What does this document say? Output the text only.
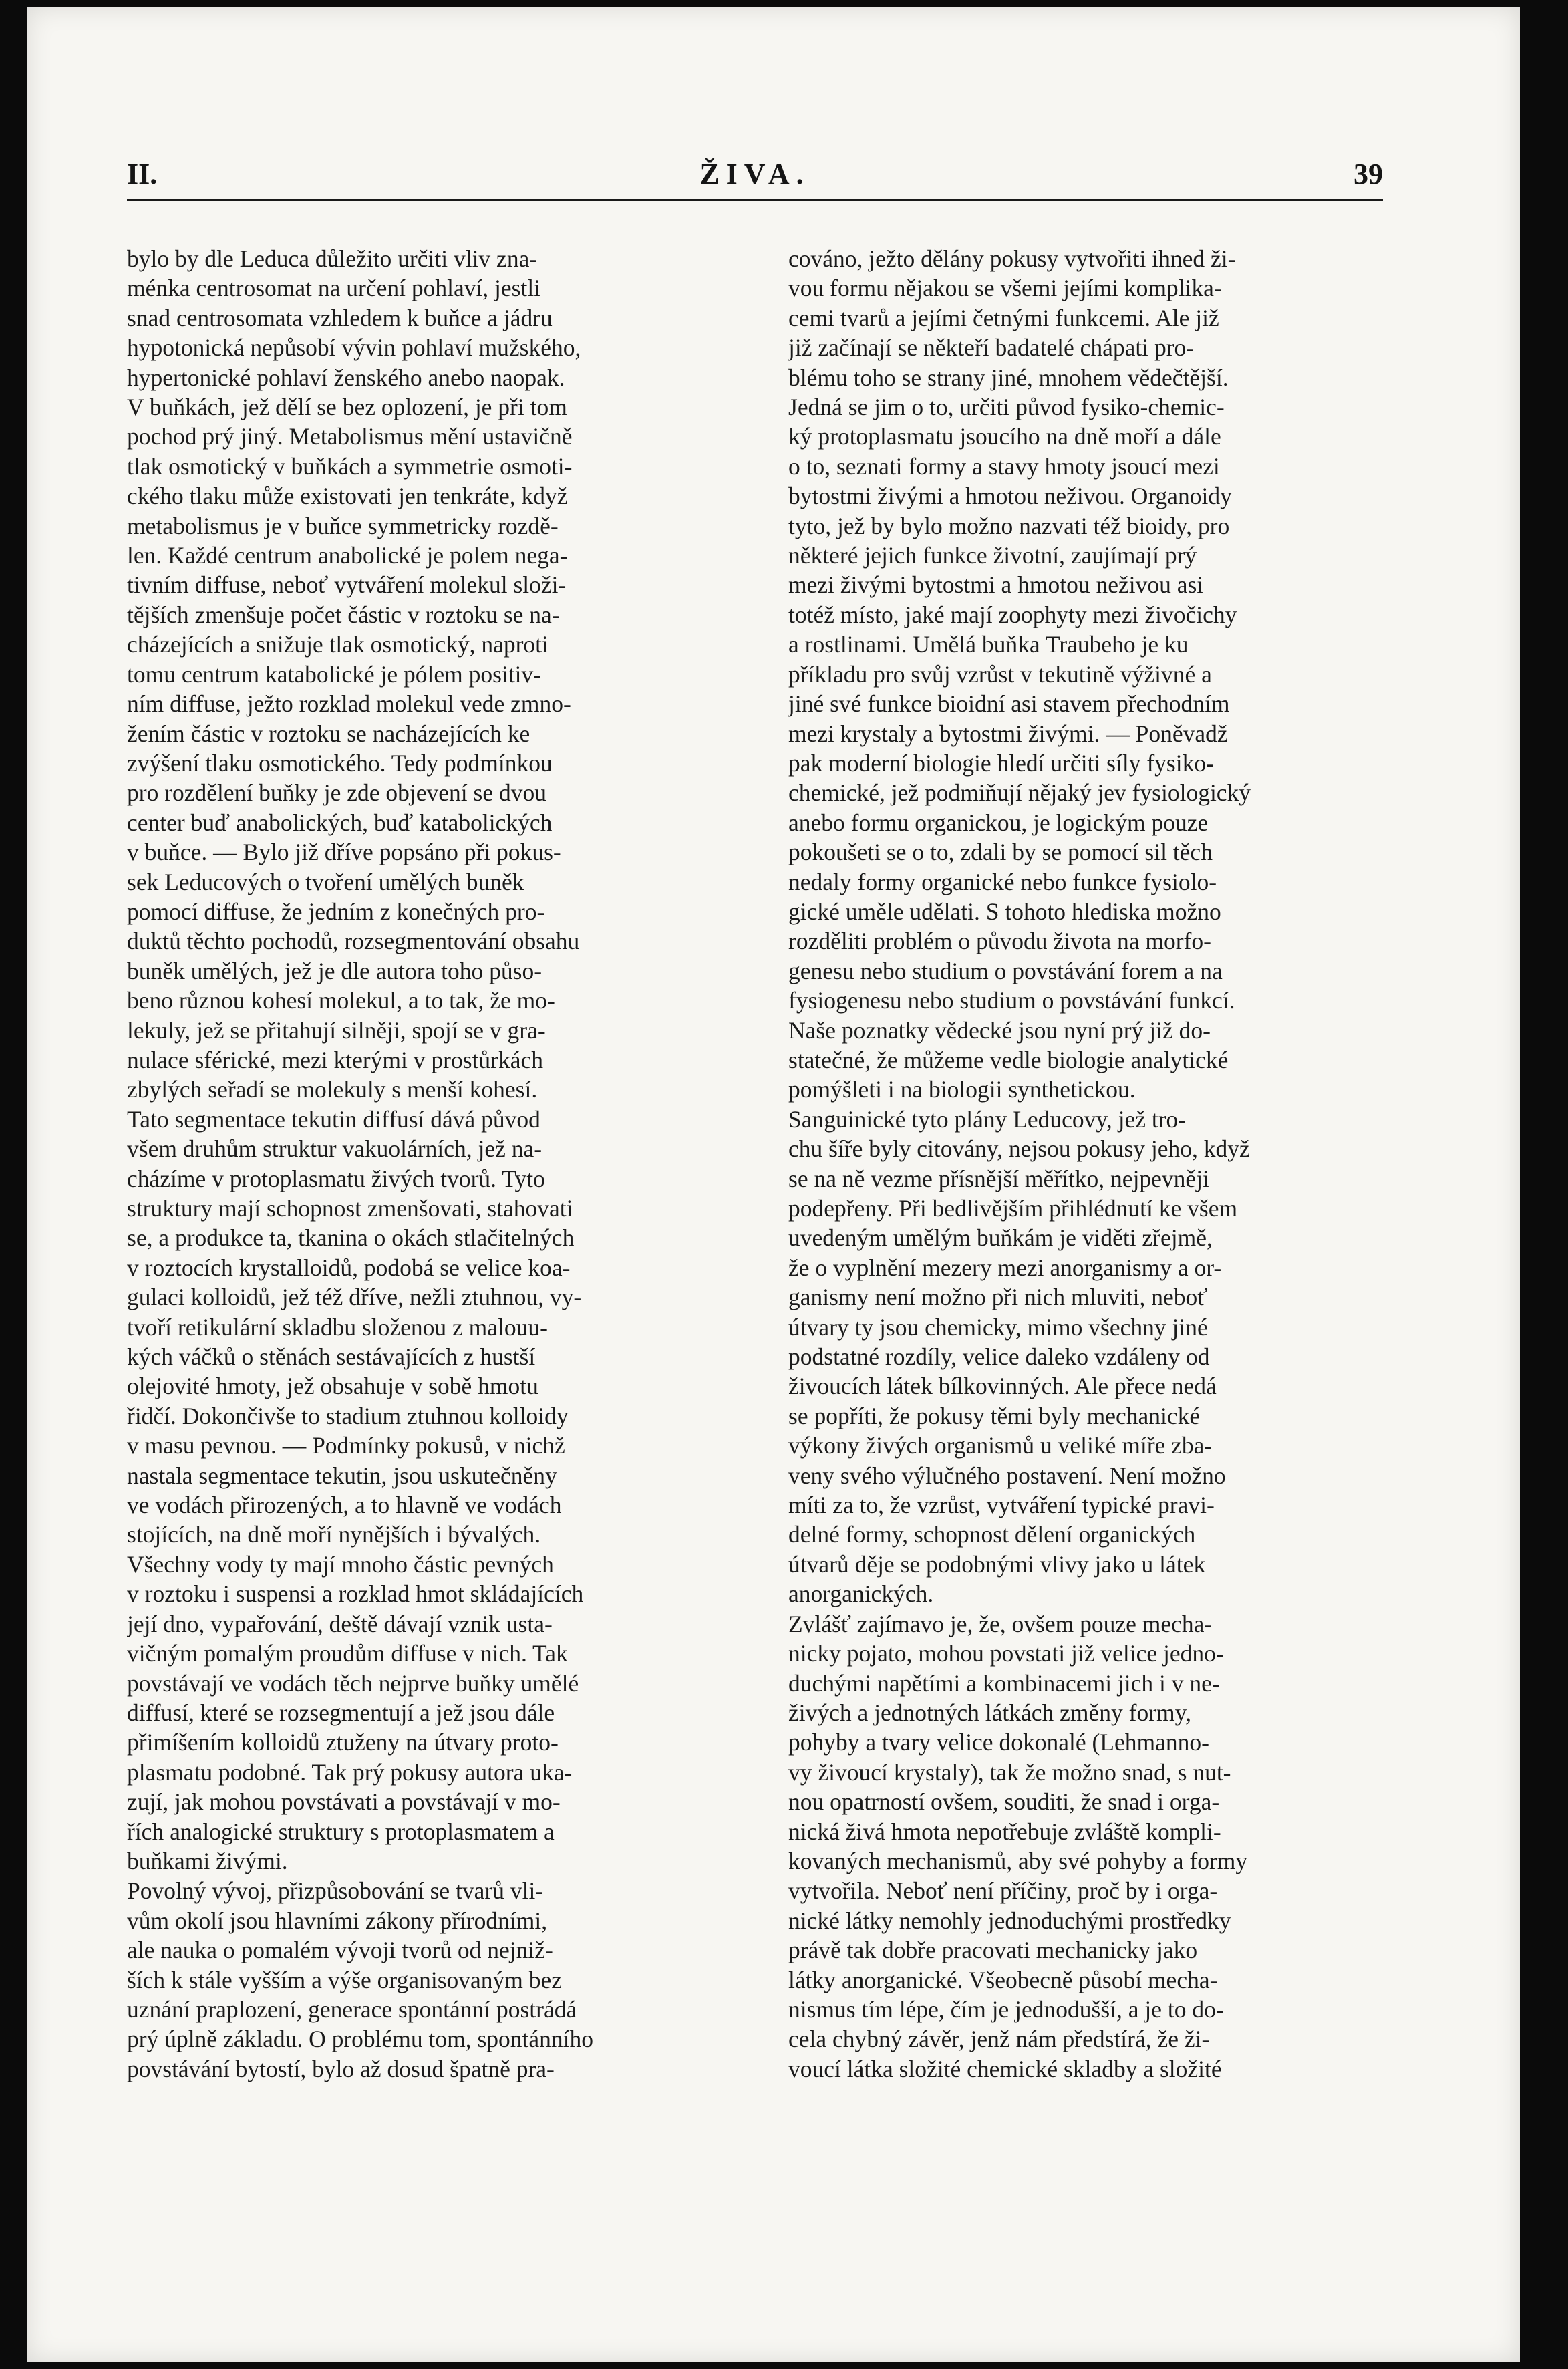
II.	ŽIVA.	39

bylo by dle Leduca důležito určiti vliv zna-
ménka centrosomat na určení pohlaví, jestli
snad centrosomata vzhledem k buňce a jádru
hypotonická nepůsobí vývin pohlaví mužského,
hypertonické pohlaví ženského anebo naopak.
V buňkách, jež dělí se bez oplození, je při tom
pochod prý jiný. Metabolismus mění ustavičně
tlak osmotický v buňkách a symmetrie osmoti-
ckého tlaku může existovati jen tenkráte, když
metabolismus je v buňce symmetricky rozdě-
len. Každé centrum anabolické je polem nega-
tivním diffuse, neboť vytváření molekul složi-
tějších zmenšuje počet částic v roztoku se na-
cházejících a snižuje tlak osmotický, naproti
tomu centrum katabolické je pólem positiv-
ním diffuse, ježto rozklad molekul vede zmno-
žením částic v roztoku se nacházejících ke
zvýšení tlaku osmotického. Tedy podmínkou
pro rozdělení buňky je zde objevení se dvou
center buď anabolických, buď katabolických
v buňce. — Bylo již dříve popsáno při pokus-
sek Leducových o tvoření umělých buněk
pomocí diffuse, že jedním z konečných pro-
duktů těchto pochodů, rozsegmentování obsahu
buněk umělých, jež je dle autora toho půso-
beno různou kohesí molekul, a to tak, že mo-
lekuly, jež se přitahují silněji, spojí se v gra-
nulace sférické, mezi kterými v prostůrkách
zbylých seřadí se molekuly s menší kohesí.
Tato segmentace tekutin diffusí dává původ
všem druhům struktur vakuolárních, jež na-
cházíme v protoplasmatu živých tvorů. Tyto
struktury mají schopnost zmenšovati, stahovati
se, a produkce ta, tkanina o okách stlačitelných
v roztocích krystalloidů, podobá se velice koa-
gulaci kolloidů, jež též dříve, nežli ztuhnou, vy-
tvoří retikulární skladbu složenou z malouu-
kých váčků o stěnách sestávajících z hustší
olejovité hmoty, jež obsahuje v sobě hmotu
řidčí. Dokončivše to stadium ztuhnou kolloidy
v masu pevnou. — Podmínky pokusů, v nichž
nastala segmentace tekutin, jsou uskutečněny
ve vodách přirozených, a to hlavně ve vodách
stojících, na dně moří nynějších i bývalých.
Všechny vody ty mají mnoho částic pevných
v roztoku i suspensi a rozklad hmot skládajících
její dno, vypařování, deště dávají vznik usta-
vičným pomalým proudům diffuse v nich. Tak
povstávají ve vodách těch nejprve buňky umělé
diffusí, které se rozsegmentují a jež jsou dále
přimíšením kolloidů ztuženy na útvary proto-
plasmatu podobné. Tak prý pokusy autora uka-
zují, jak mohou povstávati a povstávají v mo-
řích analogické struktury s protoplasmatem a
buňkami živými.
Povolný vývoj, přizpůsobování se tvarů vli-
vům okolí jsou hlavními zákony přírodními,
ale nauka o pomalém vývoji tvorů od nejniž-
ších k stále vyšším a výše organisovaným bez
uznání praplození, generace spontánní postrádá
prý úplně základu. O problému tom, spontánního
povstávání bytostí, bylo až dosud špatně pra-

cováno, ježto dělány pokusy vytvořiti ihned ži-
vou formu nějakou se všemi jejími komplika-
cemi tvarů a jejími četnými funkcemi. Ale již
již začínají se někteří badatelé chápati pro-
blému toho se strany jiné, mnohem vědečtější.
Jedná se jim o to, určiti původ fysiko-chemic-
ký protoplasmatu jsoucího na dně moří a dále
o to, seznati formy a stavy hmoty jsoucí mezi
bytostmi živými a hmotou neživou. Organoidy
tyto, jež by bylo možno nazvati též bioidy, pro
některé jejich funkce životní, zaujímají prý
mezi živými bytostmi a hmotou neživou asi
totéž místo, jaké mají zoophyty mezi živočichy
a rostlinami. Umělá buňka Traubeho je ku
příkladu pro svůj vzrůst v tekutině výživné a
jiné své funkce bioidní asi stavem přechodním
mezi krystaly a bytostmi živými. — Poněvadž
pak moderní biologie hledí určiti síly fysiko-
chemické, jež podmiňují nějaký jev fysiologický
anebo formu organickou, je logickým pouze
pokoušeti se o to, zdali by se pomocí sil těch
nedaly formy organické nebo funkce fysiolo-
gické uměle udělati. S tohoto hlediska možno
rozděliti problém o původu života na morfo-
genesu nebo studium o povstávání forem a na
fysiogenesu nebo studium o povstávání funkcí.
Naše poznatky vědecké jsou nyní prý již do-
statečné, že můžeme vedle biologie analytické
pomýšleti i na biologii synthetickou.
Sanguinické tyto plány Leducovy, jež tro-
chu šíře byly citovány, nejsou pokusy jeho, když
se na ně vezme přísnější měřítko, nejpevněji
podepřeny. Při bedlivějším přihlédnutí ke všem
uvedeným umělým buňkám je viděti zřejmě,
že o vyplnění mezery mezi anorganismy a or-
ganismy není možno při nich mluviti, neboť
útvary ty jsou chemicky, mimo všechny jiné
podstatné rozdíly, velice daleko vzdáleny od
živoucích látek bílkovinných. Ale přece nedá
se popříti, že pokusy těmi byly mechanické
výkony živých organismů u veliké míře zba-
veny svého výlučného postavení. Není možno
míti za to, že vzrůst, vytváření typické pravi-
delné formy, schopnost dělení organických
útvarů děje se podobnými vlivy jako u látek
anorganických.
Zvlášť zajímavo je, že, ovšem pouze mecha-
nicky pojato, mohou povstati již velice jedno-
duchými napětími a kombinacemi jich i v ne-
živých a jednotných látkách změny formy,
pohyby a tvary velice dokonalé (Lehmanno-
vy živoucí krystaly), tak že možno snad, s nut-
nou opatrností ovšem, souditi, že snad i orga-
nická živá hmota nepotřebuje zvláště kompli-
kovaných mechanismů, aby své pohyby a formy
vytvořila. Neboť není příčiny, proč by i orga-
nické látky nemohly jednoduchými prostředky
právě tak dobře pracovati mechanicky jako
látky anorganické. Všeobecně působí mecha-
nismus tím lépe, čím je jednodušší, a je to do-
cela chybný závěr, jenž nám předstírá, že ži-
voucí látka složité chemické skladby a složité
